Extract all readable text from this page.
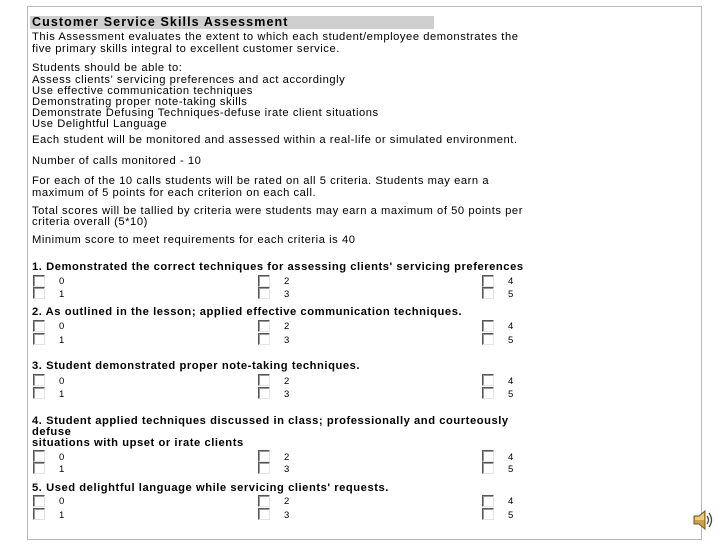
Customer Service Skills Assessment
This Assessment evaluates the extent to which each student/employee demonstrates the
five primary skills integral to excellent customer service.
Students should be able to:
Assess clients' servicing preferences and act accordingly
Use effective communication techniques
Demonstrating proper note-taking skills
Demonstrate Defusing Techniques-defuse irate client situations
Use Delightful Language
Each student will be monitored and assessed within a real-life or simulated environment.
Number of calls monitored - 10
For each of the 10 calls students will be rated on all 5 criteria. Students may earn a
maximum of 5 points for each criterion on each call.
Total scores will be tallied by criteria were students may earn a maximum of 50 points per
criteria overall (5*10)
Minimum score to meet requirements for each criteria is 40
1. Demonstrated the correct techniques for assessing clients' servicing preferences
0	2	4
1	3	5
2. As outlined in the lesson; applied effective communication techniques.
0	2	4
1	3	5
3. Student demonstrated proper note-taking techniques.
0	2	4
1	3	5
4. Student applied techniques discussed in class; professionally and courteously
defuse
situations with upset or irate clients
0	2	4
1	3	5
5. Used delightful language while servicing clients' requests.
0	2	4
1	3	5
